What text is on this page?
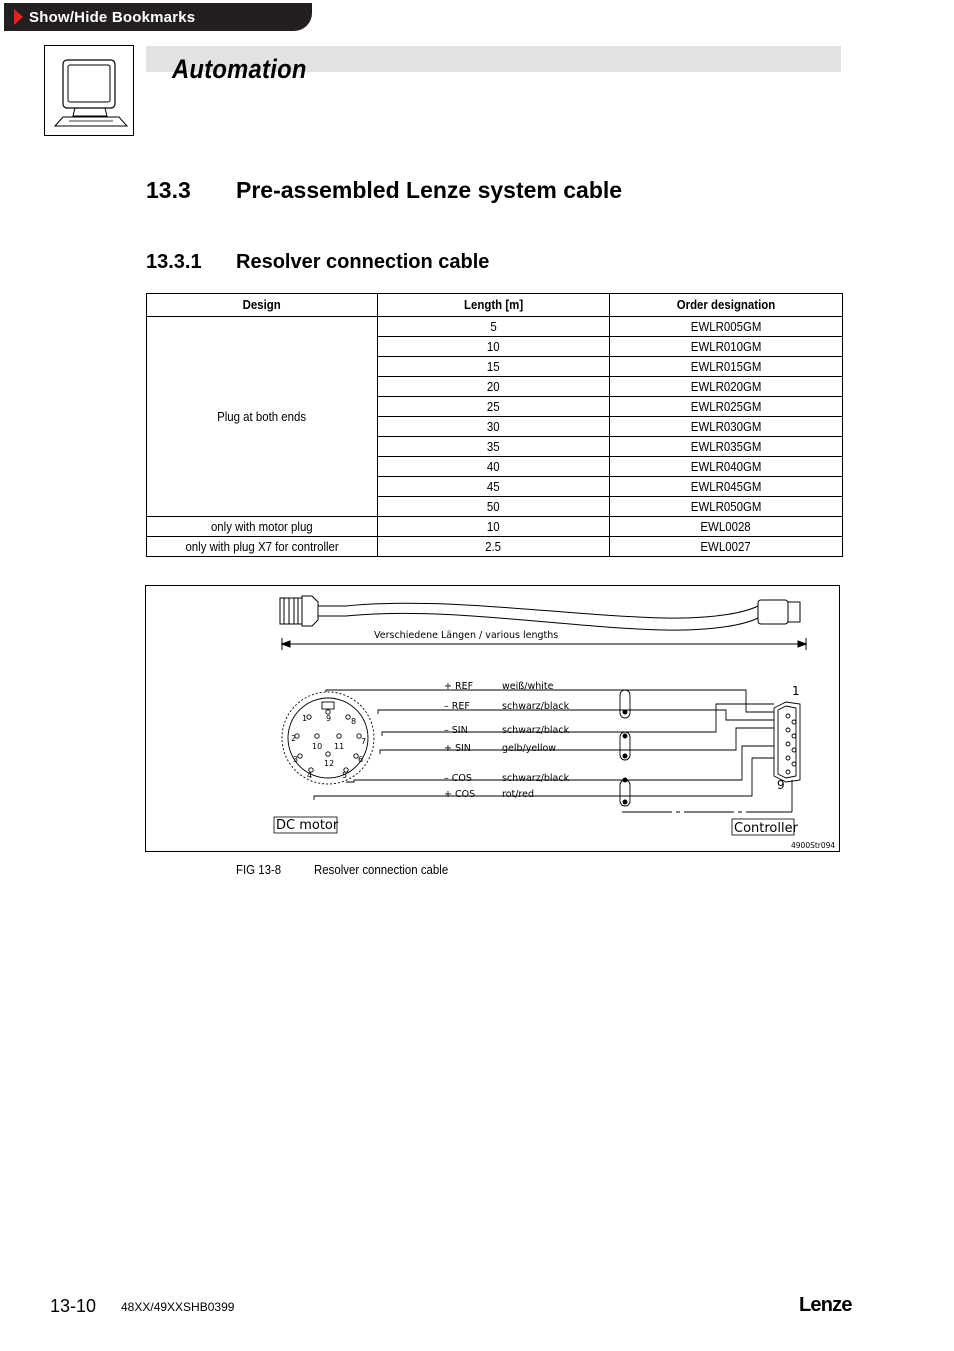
Show/Hide Bookmarks
Automation
13.3 Pre-assembled Lenze system cable
13.3.1 Resolver connection cable
Design	Length [m]	Order designation
Plug at both ends	5	EWLR005GM
	10	EWLR010GM
	15	EWLR015GM
	20	EWLR020GM
	25	EWLR025GM
	30	EWLR030GM
	35	EWLR035GM
	40	EWLR040GM
	45	EWLR045GM
	50	EWLR050GM
only with motor plug	10	EWL0028
only with plug X7 for controller	2.5	EWL0027
Verschiedene Längen / various lengths
1
2
3
4	5
6
7
8
9
10 11
12
+ REF	weiß/white
– REF	schwarz/black
– SIN	schwarz/black
+ SIN	gelb/yellow
– COS	schwarz/black
+ COS	rot/red
1
9
DC motor	Controller
4900Str094
FIG 13-8	Resolver connection cable
13-10 48XX/49XXSHB0399	Lenze
